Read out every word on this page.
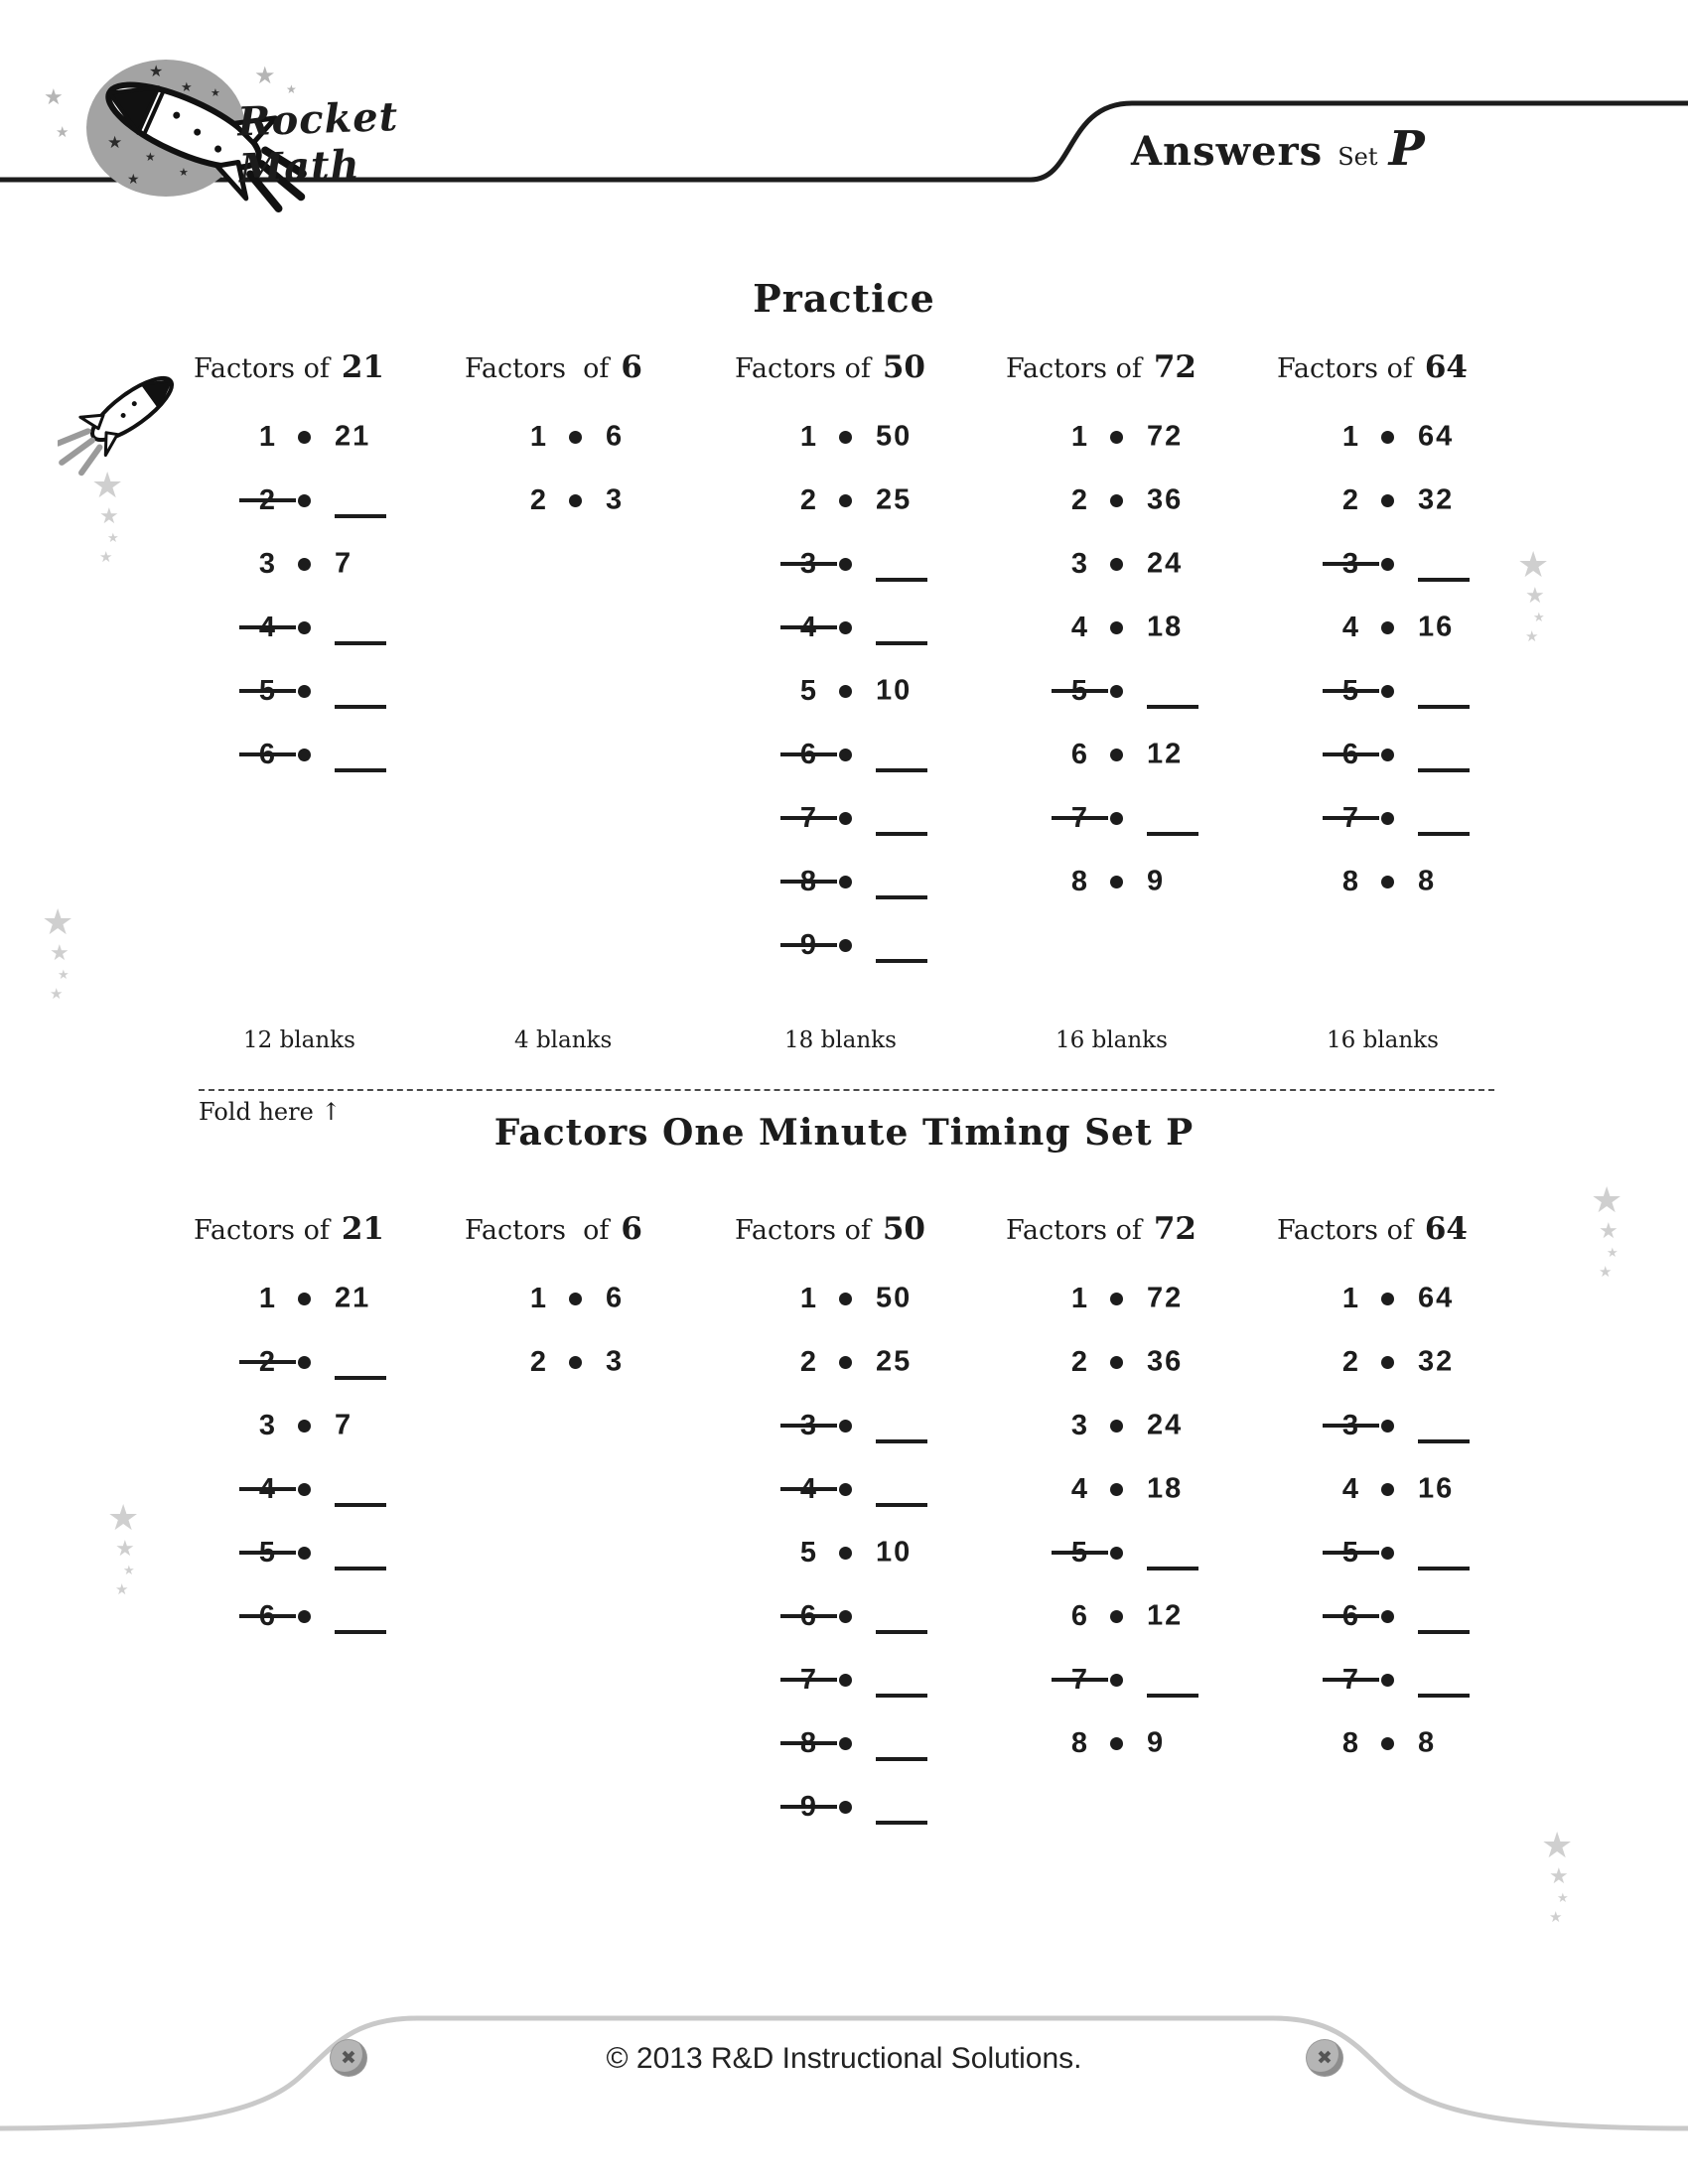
★
★
★ ★
★
★ ★
★
★
★	★
Rocket Math	Answers Set P
Practice
Factors of 21
1 21
2
3 7
4
5
6
12 blanks
Factors  of 6
1 6
2 3
4 blanks
Factors of 50
1 50
2 25
3
4
5 10
6
7
8
9
18 blanks
Factors of 72
1 72
2 36
3 24
4 18
5
6 12
7
8 9
16 blanks
Factors of 64
1 64
2 32
3
4 16
5
6
7
8 8
16 blanks
★
★
★
★
★
★
★
★
★
★
★
★
★
★
★
★
★
★
★
★
★
★
★
★
Fold here ↑	Factors One Minute Timing Set P
Factors of 21
1 21
2
3 7
4
5
6
Factors  of 6
1 6
2 3
Factors of 50
1 50
2 25
3
4
5 10
6
7
8
9
Factors of 72
1 72
2 36
3 24
4 18
5
6 12
7
8 9
Factors of 64
1 64
2 32
3
4 16
5
6
7
8 8
✖	✖
© 2013 R&D Instructional Solutions.
